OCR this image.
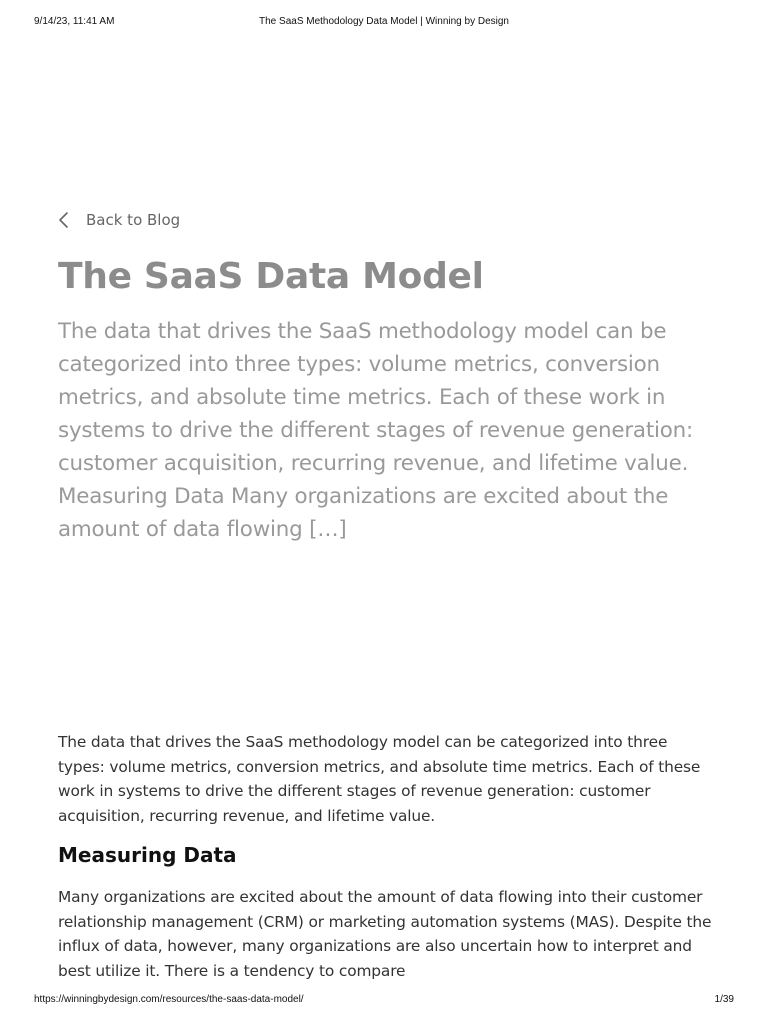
9/14/23, 11:41 AM	The SaaS Methodology Data Model | Winning by Design
Back to Blog
The SaaS Data Model

The data that drives the SaaS methodology model can be categorized into three types: volume metrics, conversion metrics, and absolute time metrics. Each of these work in systems to drive the different stages of revenue generation: customer acquisition, recurring revenue, and lifetime value. Measuring Data Many organizations are excited about the amount of data flowing […]

The data that drives the SaaS methodology model can be categorized into three types: volume metrics, conversion metrics, and absolute time metrics. Each of these work in systems to drive the different stages of revenue generation: customer acquisition, recurring revenue, and lifetime value.

Measuring Data

Many organizations are excited about the amount of data flowing into their customer relationship management (CRM) or marketing automation systems (MAS). Despite the influx of data, however, many organizations are also uncertain how to interpret and best utilize it. There is a tendency to compare

https://winningbydesign.com/resources/the-saas-data-model/	1/39
